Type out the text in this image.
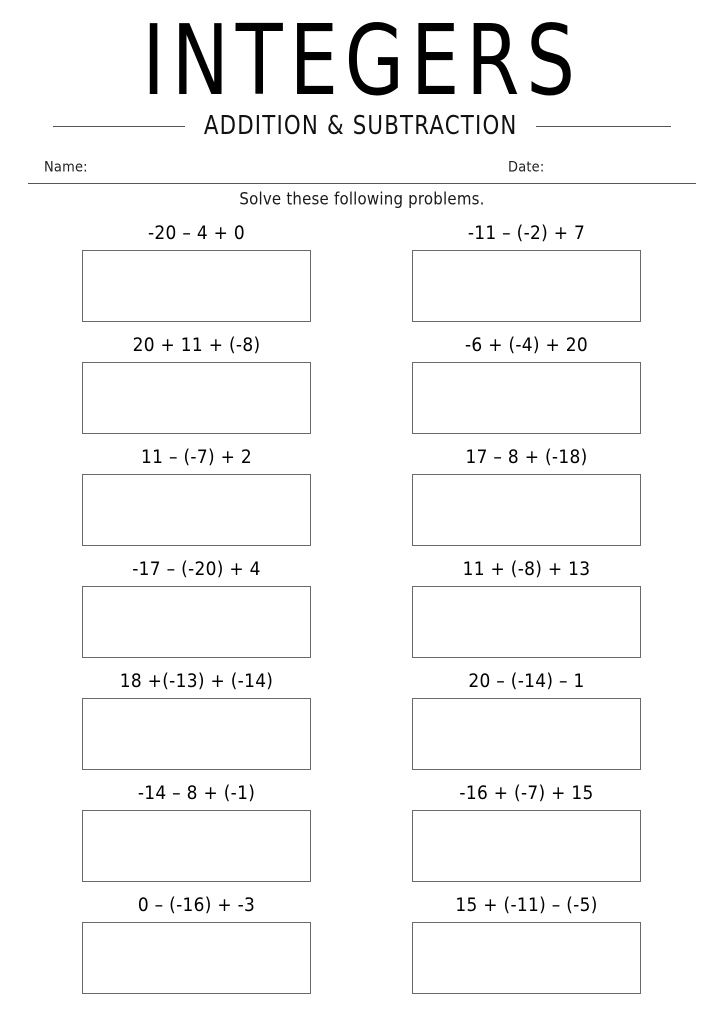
INTEGERS
ADDITION & SUBTRACTION
Name:	Date:
Solve these following problems.
-20 – 4 + 0	-11 – (-2) + 7
20 + 11 + (-8)	-6 + (-4) + 20
11 – (-7) + 2	17 – 8 + (-18)
-17 – (-20) + 4	11 + (-8) + 13
18 +(-13) + (-14)	20 – (-14) – 1
-14 – 8 + (-1)	-16 + (-7) + 15
0 – (-16) + -3	15 + (-11) – (-5)
